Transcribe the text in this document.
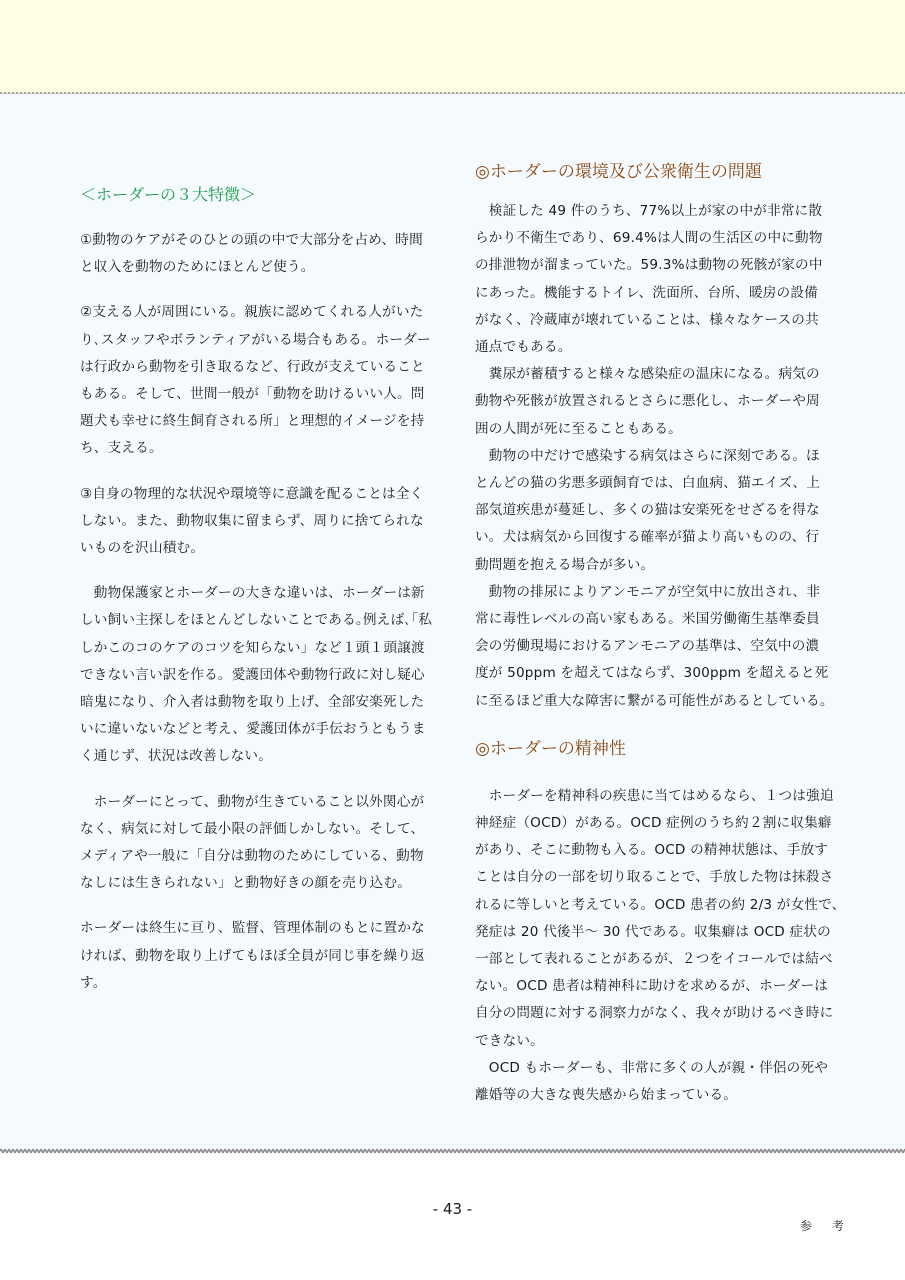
＜ホーダーの３大特徴＞
①動物のケアがそのひとの頭の中で大部分を占め、時間
と収入を動物のためにほとんど使う。
②支える人が周囲にいる。親族に認めてくれる人がいた
り､スタッフやボランティアがいる場合もある。ホーダー
は行政から動物を引き取るなど、行政が支えていること
もある。そして、世間一般が「動物を助けるいい人。問
題犬も幸せに終生飼育される所」と理想的イメージを持
ち、支える。
③自身の物理的な状況や環境等に意識を配ることは全く
しない。また、動物収集に留まらず、周りに捨てられな
いものを沢山積む。
　動物保護家とホーダーの大きな違いは、ホーダーは新
しい飼い主探しをほとんどしないことである｡例えば､｢私
しかこのコのケアのコツを知らない」など１頭１頭譲渡
できない言い訳を作る。愛護団体や動物行政に対し疑心
暗鬼になり、介入者は動物を取り上げ、全部安楽死した
いに違いないなどと考え、愛護団体が手伝おうともうま
く通じず、状況は改善しない。
　ホーダーにとって、動物が生きていること以外関心が
なく、病気に対して最小限の評価しかしない。そして、
メディアや一般に「自分は動物のためにしている、動物
なしには生きられない」と動物好きの顔を売り込む。
ホーダーは終生に亘り、監督、管理体制のもとに置かな
ければ、動物を取り上げてもほぼ全員が同じ事を繰り返
す。
◎ホーダーの環境及び公衆衛生の問題
　検証した 49 件のうち、77%以上が家の中が非常に散
らかり不衛生であり、69.4%は人間の生活区の中に動物
の排泄物が溜まっていた。59.3%は動物の死骸が家の中
にあった。機能するトイレ、洗面所、台所、暖房の設備
がなく、冷蔵庫が壊れていることは、様々なケースの共
通点でもある。
　糞尿が蓄積すると様々な感染症の温床になる。病気の
動物や死骸が放置されるとさらに悪化し、ホーダーや周
囲の人間が死に至ることもある。
　動物の中だけで感染する病気はさらに深刻である。ほ
とんどの猫の劣悪多頭飼育では、白血病、猫エイズ、上
部気道疾患が蔓延し、多くの猫は安楽死をせざるを得な
い。犬は病気から回復する確率が猫より高いものの、行
動問題を抱える場合が多い。
　動物の排尿によりアンモニアが空気中に放出され、非
常に毒性レベルの高い家もある。米国労働衛生基準委員
会の労働現場におけるアンモニアの基準は、空気中の濃
度が 50ppm を超えてはならず、300ppm を超えると死
に至るほど重大な障害に繋がる可能性があるとしている。
◎ホーダーの精神性
　ホーダーを精神科の疾患に当てはめるなら、１つは強迫
神経症（OCD）がある。OCD 症例のうち約２割に収集癖
があり、そこに動物も入る。OCD の精神状態は、手放す
ことは自分の一部を切り取ることで、手放した物は抹殺さ
れるに等しいと考えている。OCD 患者の約 2/3 が女性で、
発症は 20 代後半～ 30 代である。収集癖は OCD 症状の
一部として表れることがあるが、２つをイコールでは結べ
ない。OCD 患者は精神科に助けを求めるが、ホーダーは
自分の問題に対する洞察力がなく、我々が助けるべき時に
できない。
　OCD もホーダーも、非常に多くの人が親・伴侶の死や
離婚等の大きな喪失感から始まっている。
- 43 -
参 考
